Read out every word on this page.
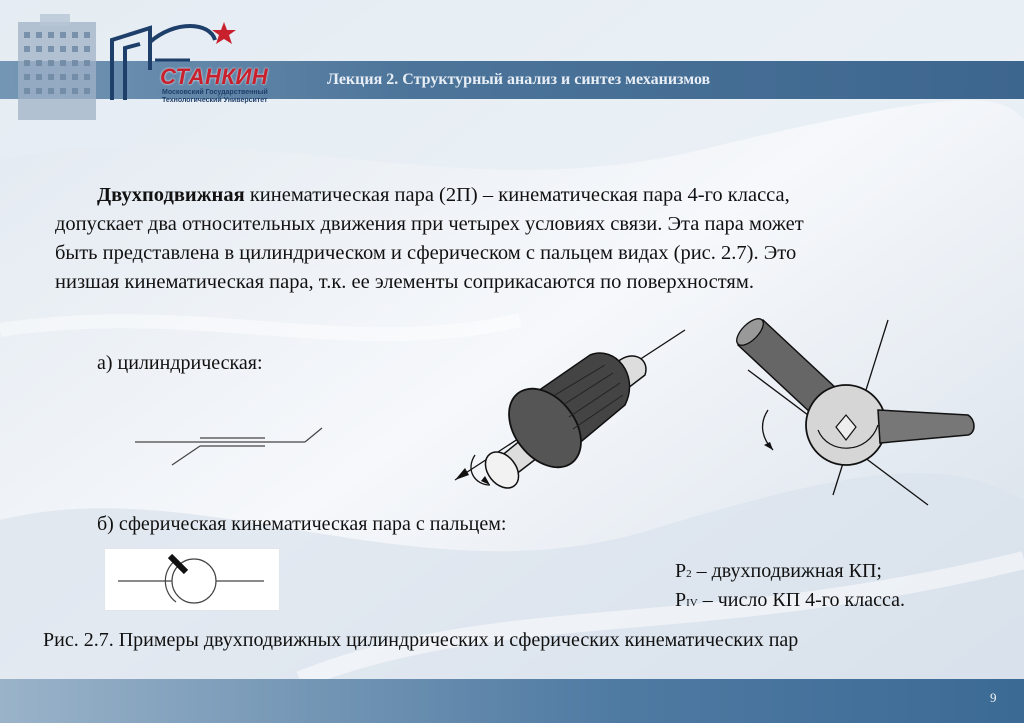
Лекция 2. Структурный анализ и синтез механизмов
СТАНКИН
Московский Государственный Технологический Университет
Двухподвижная кинематическая пара (2П) – кинематическая пара 4-го класса,
допускает два относительных движения при четырех условиях связи. Эта пара может
быть представлена в цилиндрическом и сферическом с пальцем видах (рис. 2.7). Это
низшая кинематическая пара, т.к. ее элементы соприкасаются по поверхностям.
а) цилиндрическая:
б) сферическая кинематическая пара с пальцем:
P2 – двухподвижная КП;
PIV – число КП 4-го класса.
Рис. 2.7. Примеры двухподвижных цилиндрических и сферических кинематических пар
9
